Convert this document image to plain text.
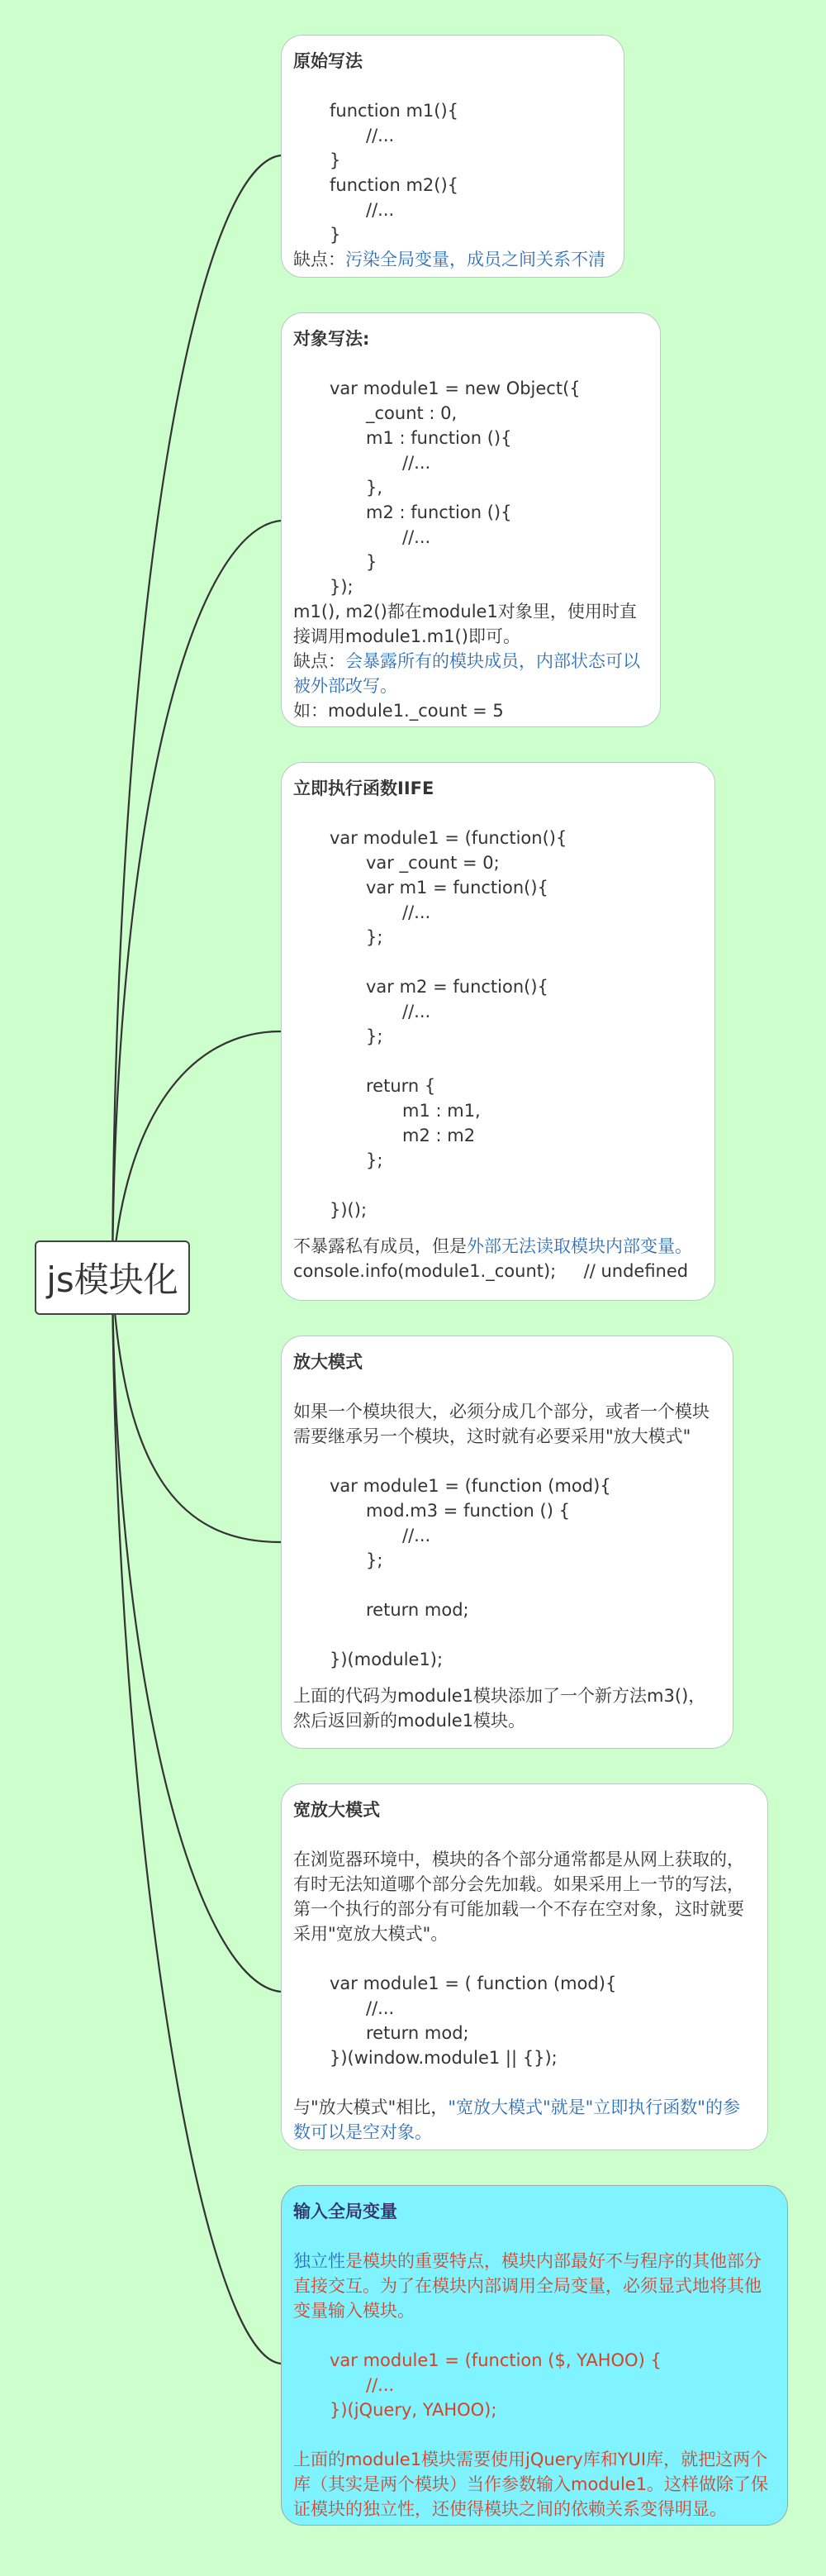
js模块化
原始写法
function m1(){
//...
}
function m2(){
//...
}
缺点：污染全局变量，成员之间关系不清
对象写法:
var module1 = new Object({
_count : 0,
m1 : function (){
//...
},
m2 : function (){
//...
}
});
m1(), m2()都在module1对象里，使用时直接调用module1.m1()即可。
缺点：会暴露所有的模块成员，内部状态可以被外部改写。
如：module1._count = 5
立即执行函数IIFE
var module1 = (function(){
var _count = 0;
var m1 = function(){
//...
};
var m2 = function(){
//...
};
return {
m1 : m1,
m2 : m2
};
})();
不暴露私有成员，但是外部无法读取模块内部变量。
console.info(module1._count);     // undefined
放大模式
如果一个模块很大，必须分成几个部分，或者一个模块需要继承另一个模块，这时就有必要采用"放大模式"
var module1 = (function (mod){
mod.m3 = function () {
//...
};
return mod;
})(module1);
上面的代码为module1模块添加了一个新方法m3()，然后返回新的module1模块。
宽放大模式
在浏览器环境中，模块的各个部分通常都是从网上获取的，有时无法知道哪个部分会先加载。如果采用上一节的写法，第一个执行的部分有可能加载一个不存在空对象，这时就要采用"宽放大模式"。
var module1 = ( function (mod){
//...
return mod;
})(window.module1 || {});
与"放大模式"相比，"宽放大模式"就是"立即执行函数"的参数可以是空对象。
输入全局变量
独立性是模块的重要特点，模块内部最好不与程序的其他部分直接交互。为了在模块内部调用全局变量，必须显式地将其他变量输入模块。
var module1 = (function ($, YAHOO) {
//...
})(jQuery, YAHOO);
上面的module1模块需要使用jQuery库和YUI库，就把这两个库（其实是两个模块）当作参数输入module1。这样做除了保证模块的独立性，还使得模块之间的依赖关系变得明显。
